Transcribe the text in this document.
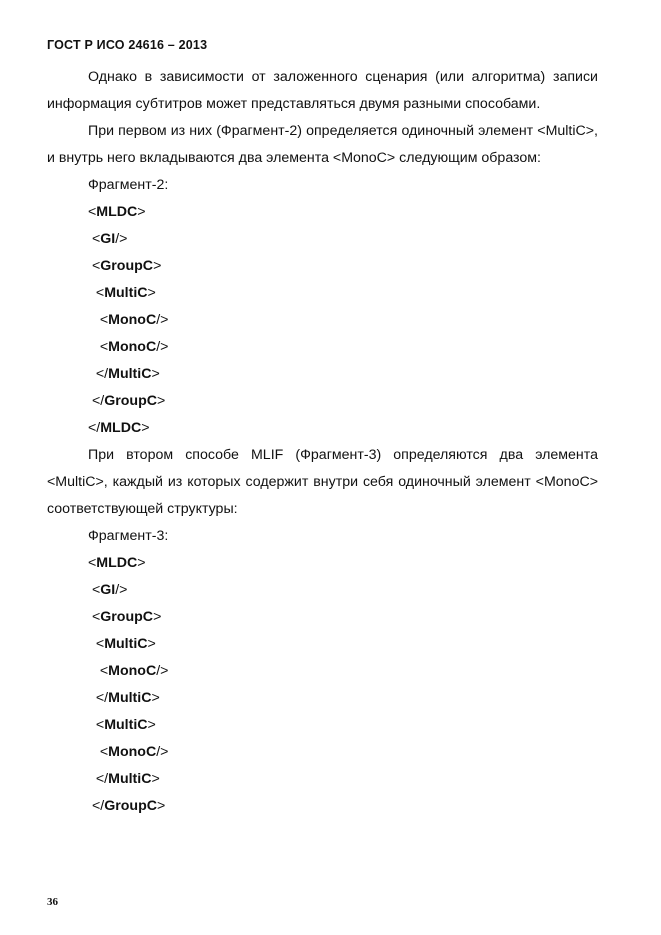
ГОСТ Р ИСО 24616 – 2013

Однако в зависимости от заложенного сценария (или алгоритма) записи информация субтитров может представляться двумя разными способами.

При первом из них (Фрагмент-2) определяется одиночный элемент <MultiC>, и внутрь него вкладываются два элемента <MonoC> следующим образом:

Фрагмент-2:

<MLDC>

<GI/>

<GroupC>

<MultiC>

<MonoC/>

<MonoC/>

</MultiC>

</GroupC>

</MLDC>

При втором способе MLIF (Фрагмент-3) определяются два элемента <MultiC>, каждый из которых содержит внутри себя одиночный элемент <MonoC> соответствующей структуры:

Фрагмент-3:

<MLDC>

<GI/>

<GroupC>

<MultiC>

<MonoC/>

</MultiC>

<MultiC>

<MonoC/>

</MultiC>

</GroupC>

36
